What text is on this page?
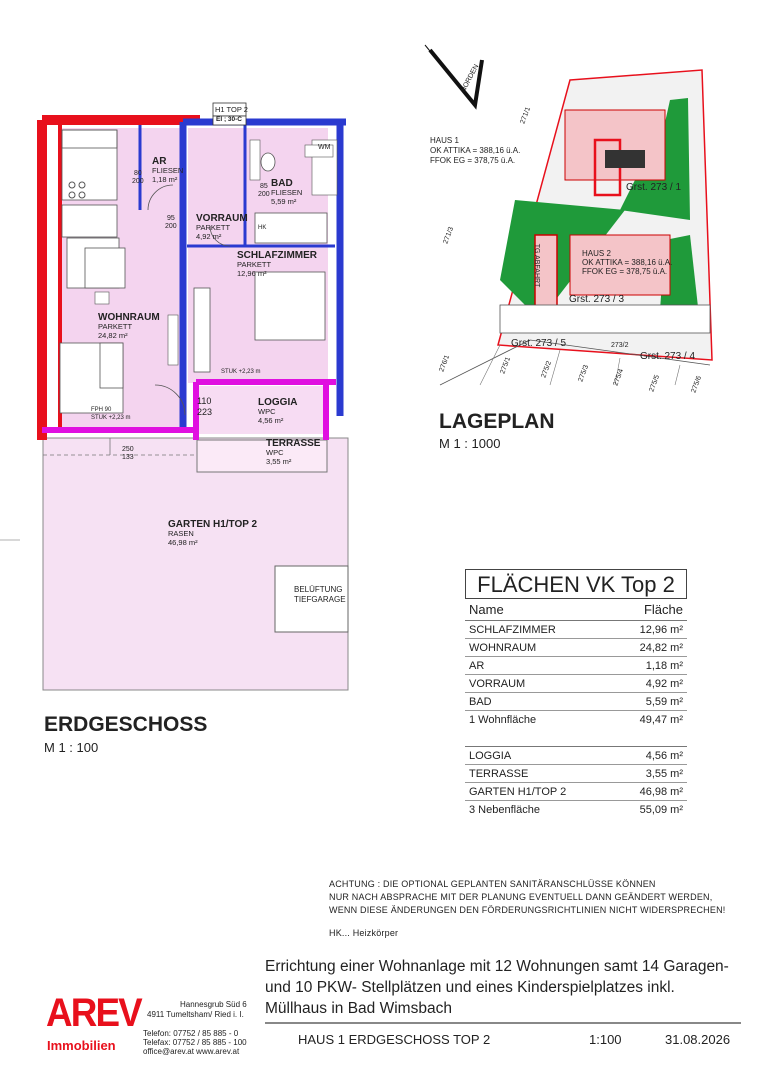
H1 TOP 2
EI ; 30-C
AR
FLIESEN
1,18 m²	BAD
FLIESEN
5,59 m²
VORRAUM
PARKETT
4,92 m²
SCHLAFZIMMER
PARKETT
12,96 m²
WOHNRAUM
PARKETT
24,82 m²
LOGGIA
WPC
4,56 m²
TERRASSE
WPC
3,55 m²
GARTEN H1/TOP 2
RASEN
46,98 m²
BELÜFTUNG
TIEFGARAGE
80
200
85
200
95
200
110
223
250
133
WM
STUK +2,23 m
FPH 90
STUK +2,23 m
HK
ERDGESCHOSS
M 1 : 100
NORDEN
HAUS 1
OK ATTIKA = 388,16 ü.A.
FFOK EG = 378,75 ü.A.
HAUS 2
OK ATTIKA = 388,16 ü.A.
FFOK EG = 378,75 ü.A.
Grst. 273 / 1
Grst. 273 / 3
Grst. 273 / 5
Grst. 273 / 4
TG ABFAHRT
271/1
271/3
276/1	275/1	275/2	275/3	275/4	275/5	275/6
273/2
LAGEPLAN
M 1 : 1000
FLÄCHEN VK Top 2
Name	Fläche
SCHLAFZIMMER	12,96 m²
WOHNRAUM	24,82 m²
AR	1,18 m²
VORRAUM	4,92 m²
BAD	5,59 m²
1 Wohnfläche	49,47 m²
LOGGIA	4,56 m²
TERRASSE	3,55 m²
GARTEN H1/TOP 2	46,98 m²
3 Nebenfläche	55,09 m²
ACHTUNG : DIE OPTIONAL GEPLANTEN SANITÄRANSCHLÜSSE KÖNNEN
NUR NACH ABSPRACHE MIT DER PLANUNG EVENTUELL DANN GEÄNDERT WERDEN,
WENN DIESE ÄNDERUNGEN DEN FÖRDERUNGSRICHTLINIEN NICHT WIDERSPRECHEN!
HK... Heizkörper
Errichtung einer Wohnanlage mit 12 Wohnungen samt 14 Garagen-
und 10 PKW- Stellplätzen und eines Kinderspielplatzes inkl.
Müllhaus in Bad Wimsbach
AREV
Immobilien
Hannesgrub Süd 6
4911 Tumeltsham/ Ried i. I.
Telefon: 07752 / 85 885 - 0
Telefax: 07752 / 85 885 - 100
office@arev.at www.arev.at
HAUS 1 ERDGESCHOSS TOP 2	1:100	31.08.2026
